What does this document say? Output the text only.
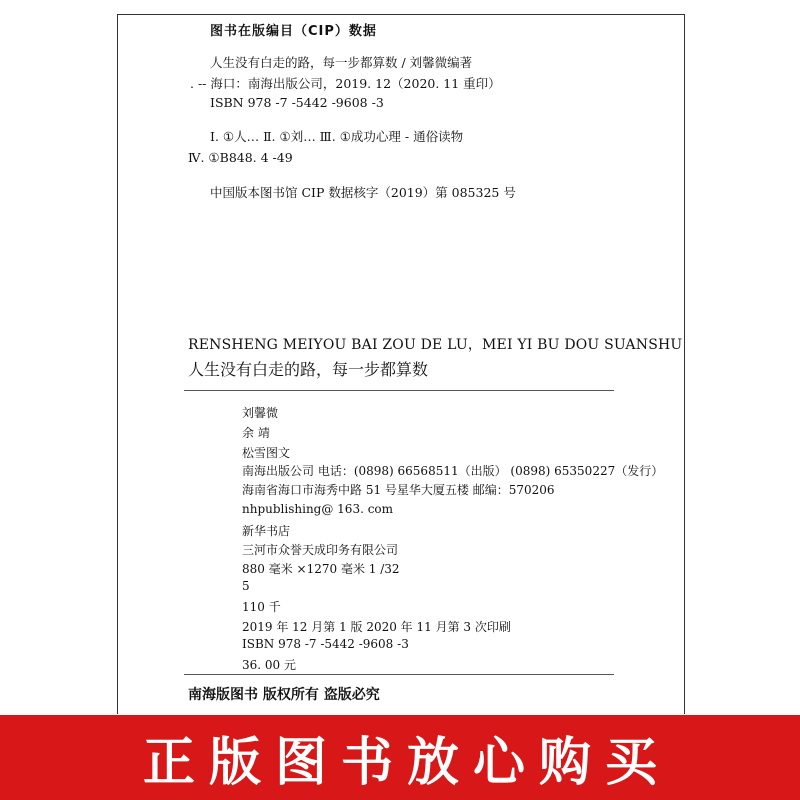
图书在版编目（CIP）数据
人生没有白走的路，每一步都算数 / 刘馨微编著
. -- 海口：南海出版公司，2019. 12（2020. 11 重印）
ISBN 978 -7 -5442 -9608 -3
Ⅰ. ①人… Ⅱ. ①刘… Ⅲ. ①成功心理 - 通俗读物
Ⅳ. ①B848. 4 -49
中国版本图书馆 CIP 数据核字（2019）第 085325 号
RENSHENG MEIYOU BAI ZOU DE LU，MEI YI BU DOU SUANSHU
人生没有白走的路，每一步都算数
刘馨微
余 靖
松雪图文
南海出版公司 电话：(0898) 66568511（出版） (0898) 65350227（发行）
海南省海口市海秀中路 51 号星华大厦五楼 邮编：570206
nhpublishing@ 163. com
新华书店
三河市众誉天成印务有限公司
880 毫米 ×1270 毫米 1 /32
5
110 千
2019 年 12 月第 1 版 2020 年 11 月第 3 次印刷
ISBN 978 -7 -5442 -9608 -3
36. 00 元
南海版图书 版权所有 盗版必究
正版图书放心购买
